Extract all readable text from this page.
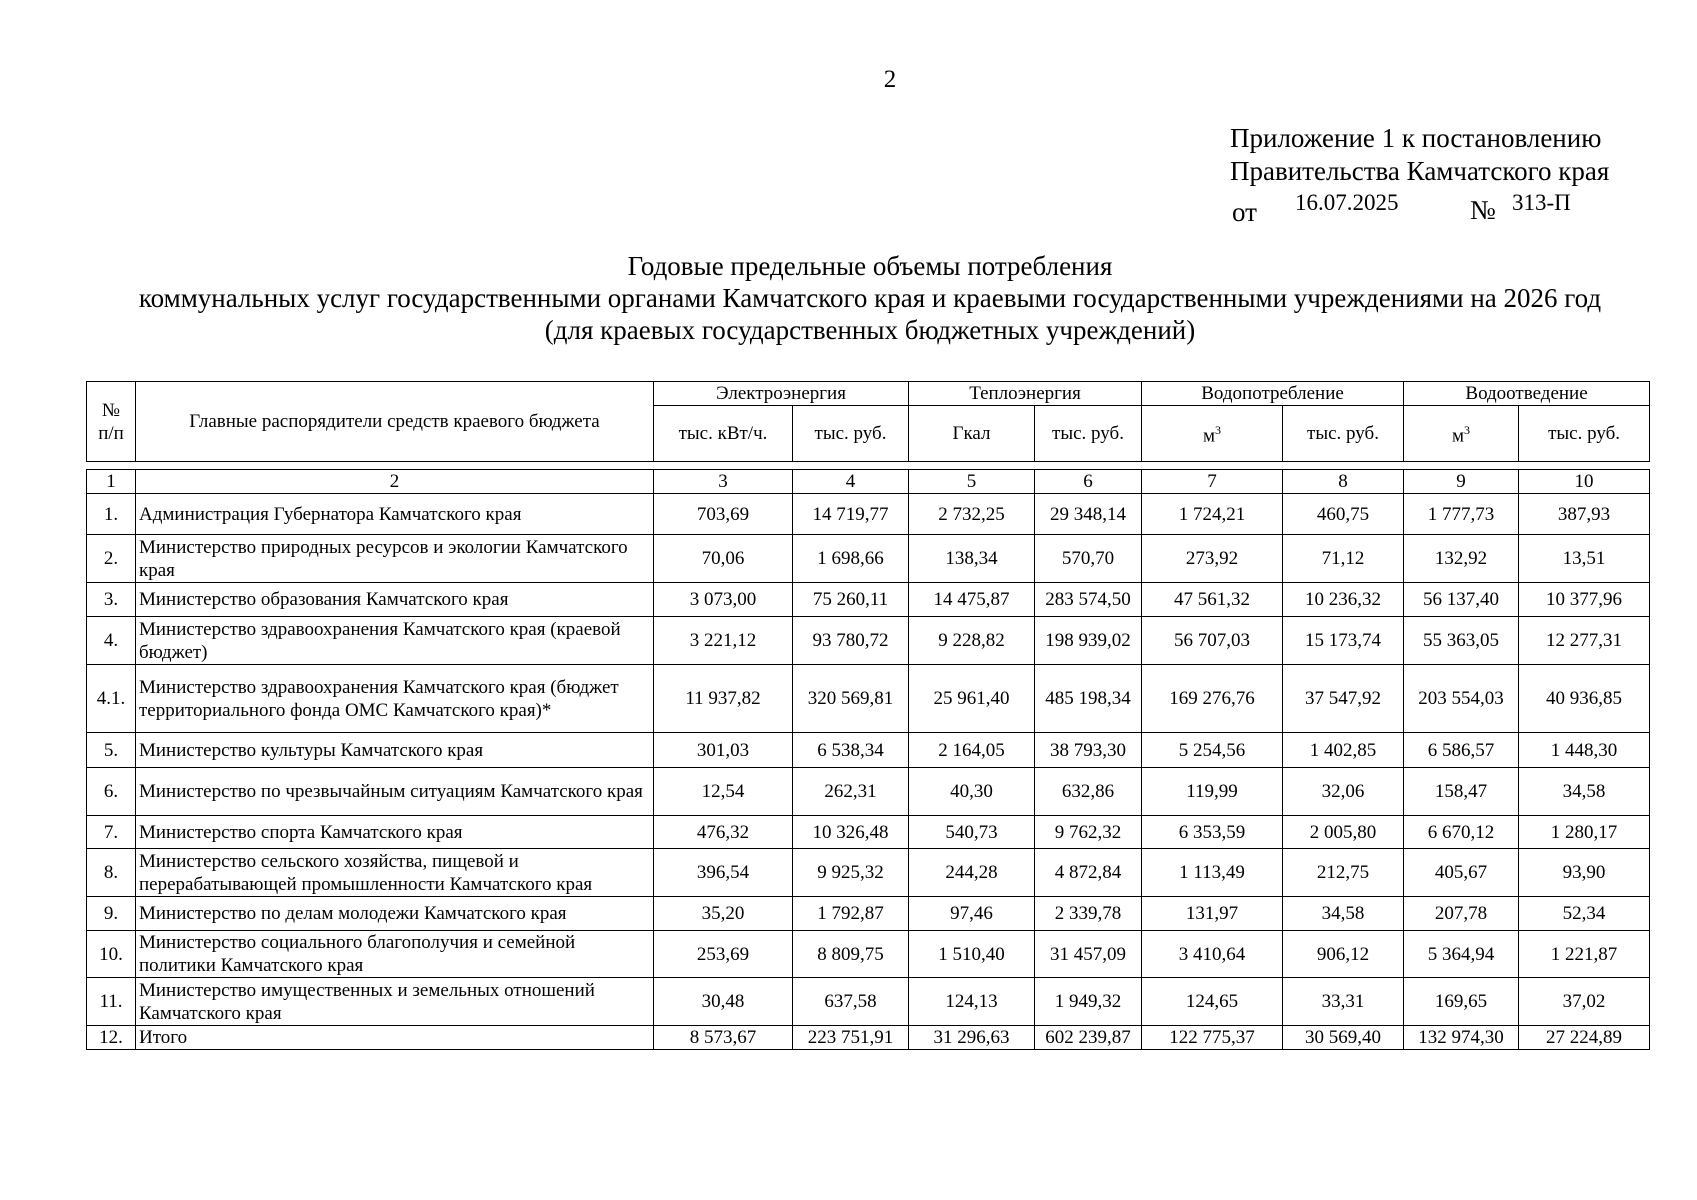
2
Приложение 1 к постановлению
Правительства Камчатского края
от 16.07.2025	№ 313-П
Годовые предельные объемы потребления
коммунальных услуг государственными органами Камчатского края и краевыми государственными учреждениями на 2026 год
(для краевых государственных бюджетных учреждений)
№ п/п	Главные распорядители средств краевого бюджета	Электроэнергия		Теплоэнергия		Водопотребление		Водоотведение	
		тыс. кВт/ч.	тыс. руб.	Гкал	тыс. руб.	$м^3$	тыс. руб.	$м^3$	тыс. руб.
1	2	3	4	5	6	7	8	9	10
1.	Администрация Губернатора Камчатского края	703,69	14 719,77	2 732,25	29 348,14	1 724,21	460,75	1 777,73	387,93
2.	Министерство природных ресурсов и экологии Камчатского края	70,06	1 698,66	138,34	570,70	273,92	71,12	132,92	13,51
3.	Министерство образования Камчатского края	3 073,00	75 260,11	14 475,87	283 574,50	47 561,32	10 236,32	56 137,40	10 377,96
4.	Министерство здравоохранения Камчатского края (краевой бюджет)	3 221,12	93 780,72	9 228,82	198 939,02	56 707,03	15 173,74	55 363,05	12 277,31
4.1.	Министерство здравоохранения Камчатского края (бюджет территориального фонда ОМС Камчатского края)*	11 937,82	320 569,81	25 961,40	485 198,34	169 276,76	37 547,92	203 554,03	40 936,85
5.	Министерство культуры Камчатского края	301,03	6 538,34	2 164,05	38 793,30	5 254,56	1 402,85	6 586,57	1 448,30
6.	Министерство по чрезвычайным ситуациям Камчатского края	12,54	262,31	40,30	632,86	119,99	32,06	158,47	34,58
7.	Министерство спорта Камчатского края	476,32	10 326,48	540,73	9 762,32	6 353,59	2 005,80	6 670,12	1 280,17
8.	Министерство сельского хозяйства, пищевой и перерабатывающей промышленности Камчатского края	396,54	9 925,32	244,28	4 872,84	1 113,49	212,75	405,67	93,90
9.	Министерство по делам молодежи Камчатского края	35,20	1 792,87	97,46	2 339,78	131,97	34,58	207,78	52,34
10.	Министерство социального благополучия и семейной политики Камчатского края	253,69	8 809,75	1 510,40	31 457,09	3 410,64	906,12	5 364,94	1 221,87
11.	Министерство имущественных и земельных отношений Камчатского края	30,48	637,58	124,13	1 949,32	124,65	33,31	169,65	37,02
12.	Итого	8 573,67	223 751,91	31 296,63	602 239,87	122 775,37	30 569,40	132 974,30	27 224,89
